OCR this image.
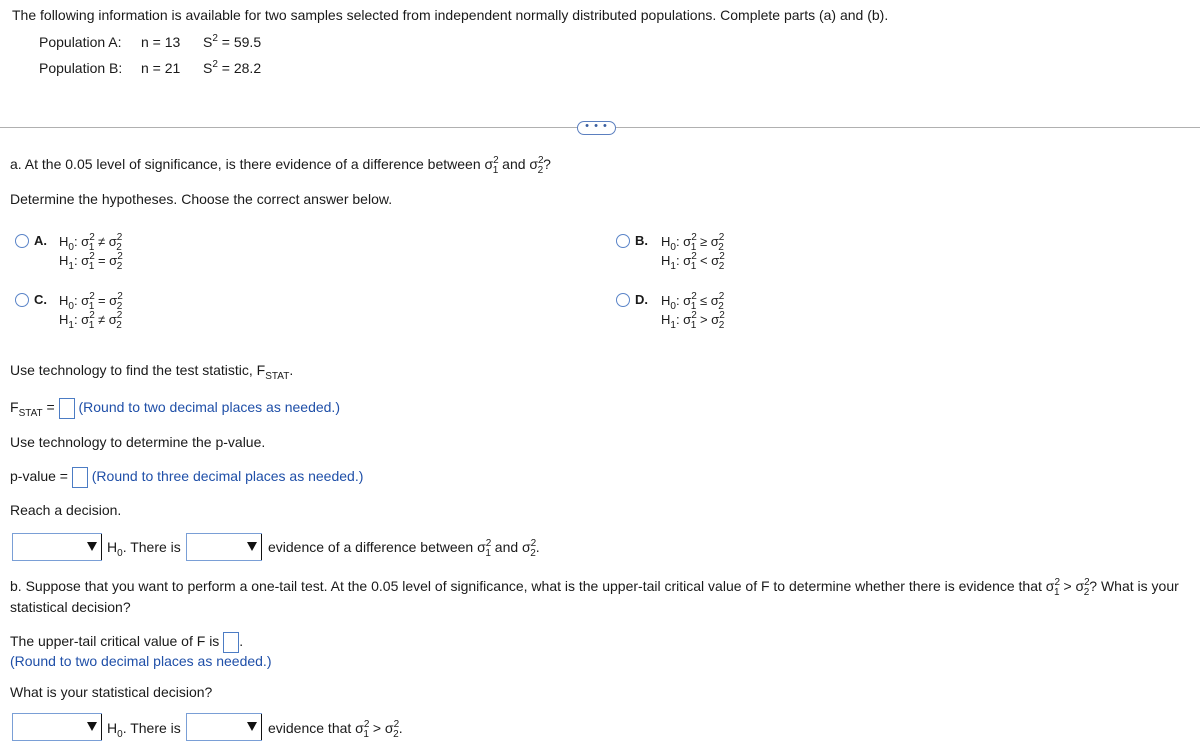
The following information is available for two samples selected from independent normally distributed populations. Complete parts (a) and (b).
Population A: n = 13 $S^2 = 59.5$
Population B: n = 21 $S^2 = 28.2$
• • •
a. At the 0.05 level of significance, is there evidence of a difference between $\sigma^2_1$ and $\sigma^2_2$?
Determine the hypotheses. Choose the correct answer below.
A. $H_0$: $\sigma^2_1 \ne \sigma^2_2$
$H_1$: $\sigma^2_1 = \sigma^2_2$
B. $H_0$: $\sigma^2_1 \ge \sigma^2_2$
$H_1$: $\sigma^2_1 < \sigma^2_2$
C. $H_0$: $\sigma^2_1 = \sigma^2_2$
$H_1$: $\sigma^2_1 \ne \sigma^2_2$
D. $H_0$: $\sigma^2_1 \le \sigma^2_2$
$H_1$: $\sigma^2_1 > \sigma^2_2$
Use technology to find the test statistic, $F_{STAT}$.
$F_{STAT}$ = (Round to two decimal places as needed.)
Use technology to determine the p-value.
p-value = (Round to three decimal places as needed.)
Reach a decision.
$H_0$. There is	evidence of a difference between $\sigma^2_1$ and $\sigma^2_2$.
b. Suppose that you want to perform a one-tail test. At the 0.05 level of significance, what is the upper-tail critical value of F to determine whether there is evidence that $\sigma^2_1 > \sigma^2_2$? What is your
statistical decision?
The upper-tail critical value of F is .
(Round to two decimal places as needed.)
What is your statistical decision?
$H_0$. There is	evidence that $\sigma^2_1 > \sigma^2_2$.
